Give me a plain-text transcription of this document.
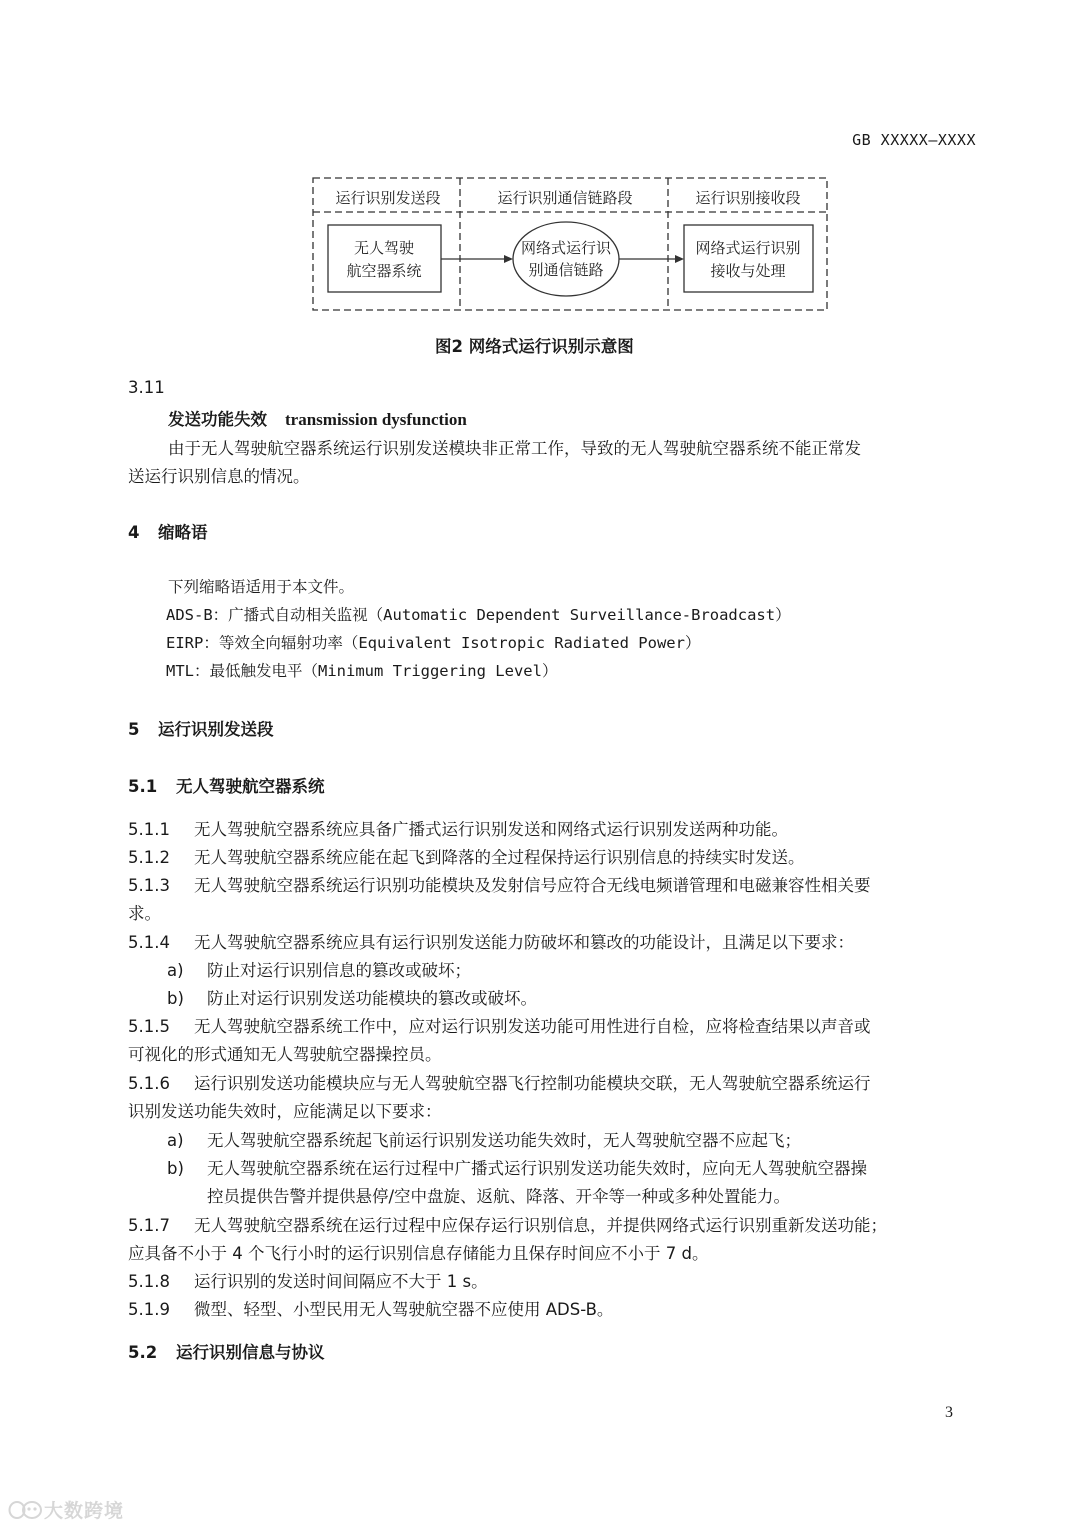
GB XXXXX—XXXX
运行识别发送段	运行识别通信链路段	运行识别接收段
无人驾驶
航空器系统
网络式运行识
别通信链路
网络式运行识别
接收与处理
图2 网络式运行识别示意图
3.11
发送功能失效 transmission dysfunction
由于无人驾驶航空器系统运行识别发送模块非正常工作，导致的无人驾驶航空器系统不能正常发
送运行识别信息的情况。
4 缩略语
下列缩略语适用于本文件。
ADS-B：广播式自动相关监视（Automatic Dependent Surveillance-Broadcast）
EIRP：等效全向辐射功率（Equivalent Isotropic Radiated Power）
MTL：最低触发电平（Minimum Triggering Level）
5 运行识别发送段
5.1 无人驾驶航空器系统
5.1.1 无人驾驶航空器系统应具备广播式运行识别发送和网络式运行识别发送两种功能。
5.1.2 无人驾驶航空器系统应能在起飞到降落的全过程保持运行识别信息的持续实时发送。
5.1.3 无人驾驶航空器系统运行识别功能模块及发射信号应符合无线电频谱管理和电磁兼容性相关要
求。
5.1.4 无人驾驶航空器系统应具有运行识别发送能力防破坏和篡改的功能设计，且满足以下要求：
a) 防止对运行识别信息的篡改或破坏；
b) 防止对运行识别发送功能模块的篡改或破坏。
5.1.5 无人驾驶航空器系统工作中，应对运行识别发送功能可用性进行自检，应将检查结果以声音或
可视化的形式通知无人驾驶航空器操控员。
5.1.6 运行识别发送功能模块应与无人驾驶航空器飞行控制功能模块交联，无人驾驶航空器系统运行
识别发送功能失效时，应能满足以下要求：
a) 无人驾驶航空器系统起飞前运行识别发送功能失效时，无人驾驶航空器不应起飞；
b) 无人驾驶航空器系统在运行过程中广播式运行识别发送功能失效时，应向无人驾驶航空器操
控员提供告警并提供悬停/空中盘旋、返航、降落、开伞等一种或多种处置能力。
5.1.7 无人驾驶航空器系统在运行过程中应保存运行识别信息，并提供网络式运行识别重新发送功能；
应具备不小于 4 个飞行小时的运行识别信息存储能力且保存时间应不小于 7 d。
5.1.8 运行识别的发送时间间隔应不大于 1 s。
5.1.9 微型、轻型、小型民用无人驾驶航空器不应使用 ADS-B。
5.2 运行识别信息与协议
3
大数跨境
